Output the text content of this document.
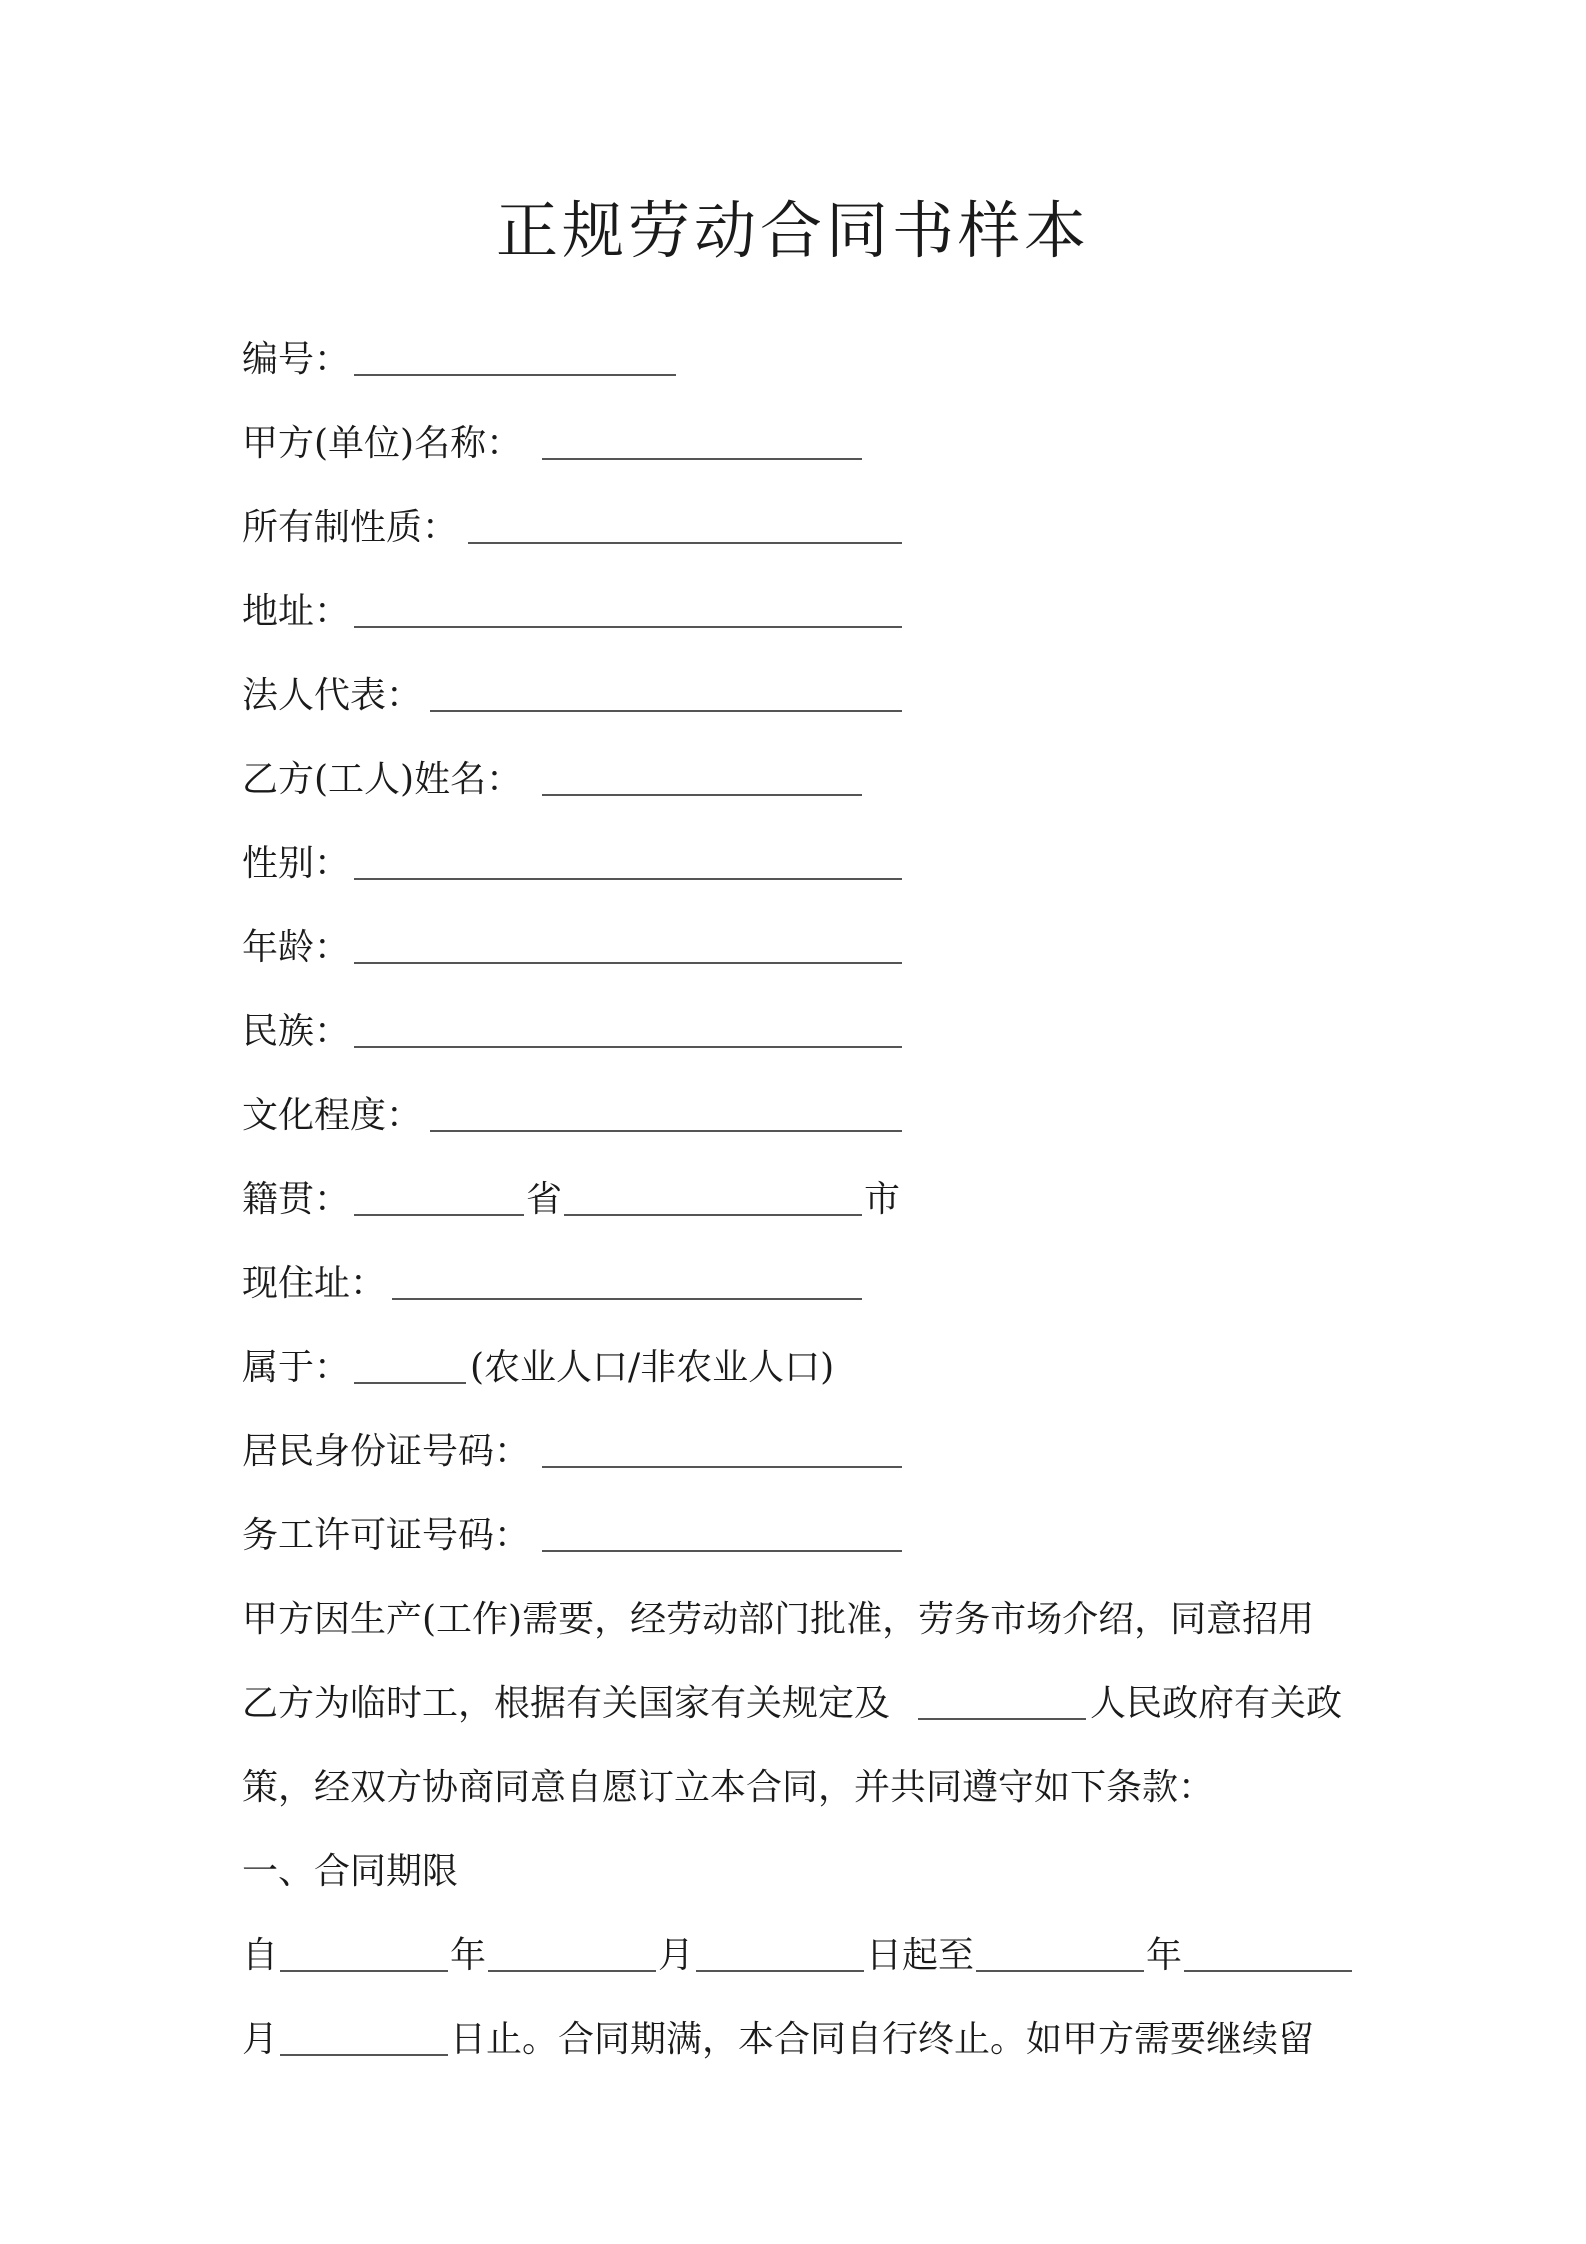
正规劳动合同书样本
编号：
甲方(单位)名称：
所有制性质：
地址：
法人代表：
乙方(工人)姓名：
性别：
年龄：
民族：
文化程度：
籍贯：	省	市
现住址：
属于：	(农业人口/非农业人口)
居民身份证号码：
务工许可证号码：
甲方因生产(工作)需要，经劳动部门批准，劳务市场介绍，同意招用
乙方为临时工，根据有关国家有关规定及	人民政府有关政
策，经双方协商同意自愿订立本合同，并共同遵守如下条款：
一、合同期限
自	年	月	日起至	年
月	日止。合同期满，本合同自行终止。如甲方需要继续留
